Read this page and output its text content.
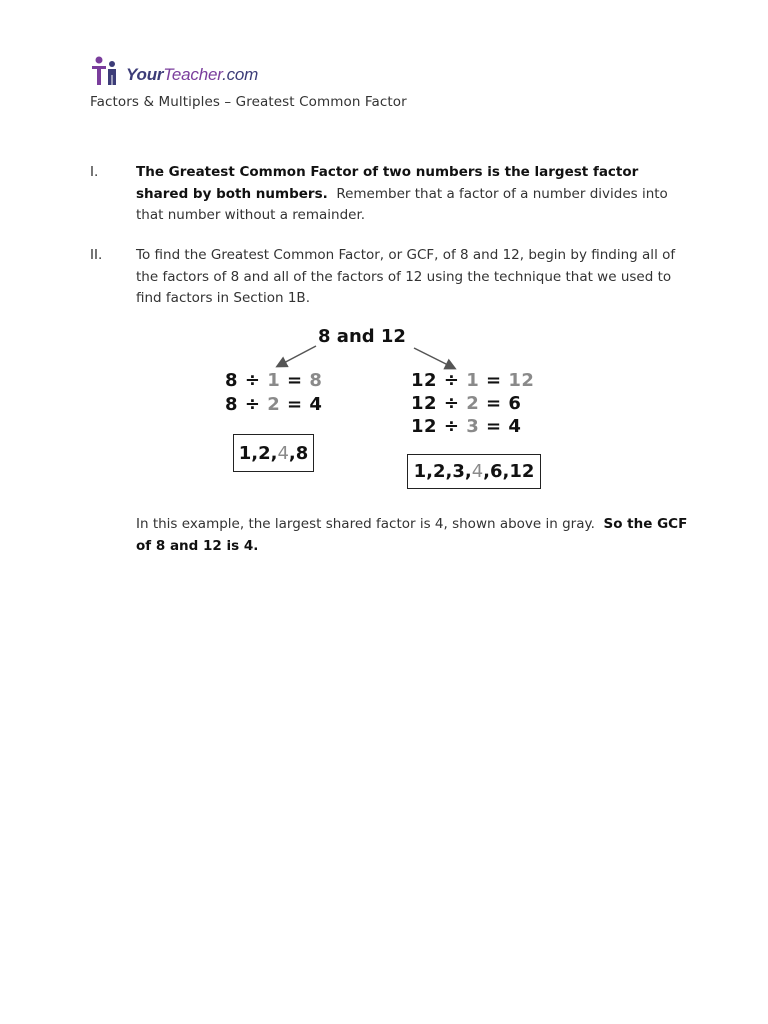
YourTeacher.com
Factors & Multiples – Greatest Common Factor
I.	The Greatest Common Factor of two numbers is the largest factor shared by both numbers. Remember that a factor of a number divides into that number without a remainder.
II. To find the Greatest Common Factor, or GCF, of 8 and 12, begin by finding all of the factors of 8 and all of the factors of 12 using the technique that we used to find factors in Section 1B.
8 and 12
8 ÷ 1 = 8
8 ÷ 2 = 4
12 ÷ 1 = 12
12 ÷ 2 = 6
12 ÷ 3 = 4
1,2, 4 ,8
1,2,3, 4 ,6,12
In this example, the largest shared factor is 4, shown above in gray. So the GCF of 8 and 12 is 4.
